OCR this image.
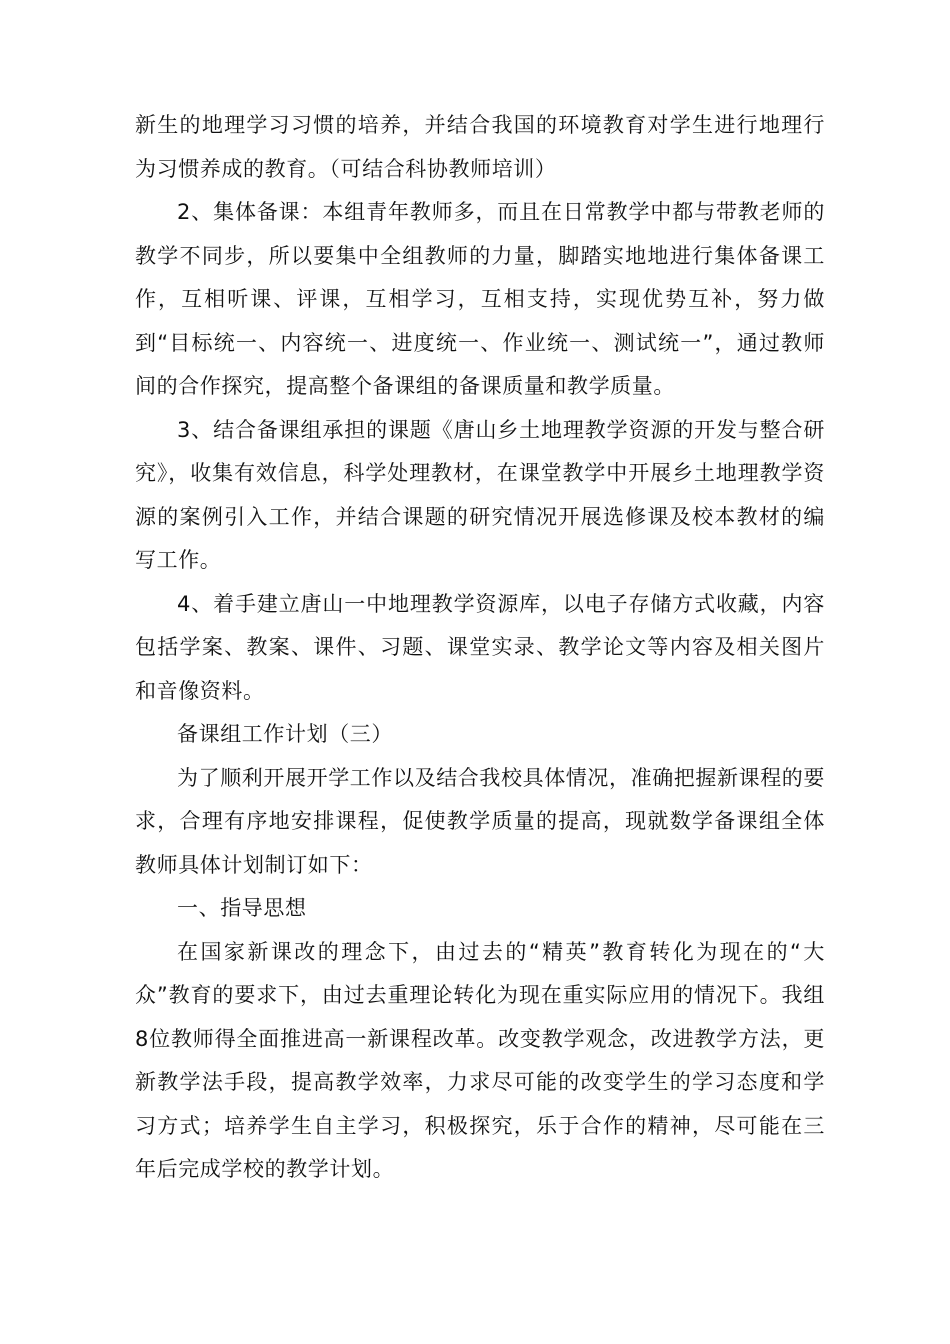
新生的地理学习习惯的培养，并结合我国的环境教育对学生进行地理行为习惯养成的教育。（可结合科协教师培训）

2、集体备课：本组青年教师多，而且在日常教学中都与带教老师的教学不同步，所以要集中全组教师的力量，脚踏实地地进行集体备课工作，互相听课、评课，互相学习，互相支持，实现优势互补，努力做到“目标统一、内容统一、进度统一、作业统一、测试统一”，通过教师间的合作探究，提高整个备课组的备课质量和教学质量。

3、结合备课组承担的课题《唐山乡土地理教学资源的开发与整合研究》，收集有效信息，科学处理教材，在课堂教学中开展乡土地理教学资源的案例引入工作，并结合课题的研究情况开展选修课及校本教材的编写工作。

4、着手建立唐山一中地理教学资源库，以电子存储方式收藏，内容包括学案、教案、课件、习题、课堂实录、教学论文等内容及相关图片和音像资料。

备课组工作计划（三）

为了顺利开展开学工作以及结合我校具体情况，准确把握新课程的要求，合理有序地安排课程，促使教学质量的提高，现就数学备课组全体教师具体计划制订如下：

一、指导思想

在国家新课改的理念下，由过去的“精英”教育转化为现在的“大众”教育的要求下，由过去重理论转化为现在重实际应用的情况下。我组8位教师得全面推进高一新课程改革。改变教学观念，改进教学方法，更新教学法手段，提高教学效率，力求尽可能的改变学生的学习态度和学习方式；培养学生自主学习，积极探究，乐于合作的精神，尽可能在三年后完成学校的教学计划。
